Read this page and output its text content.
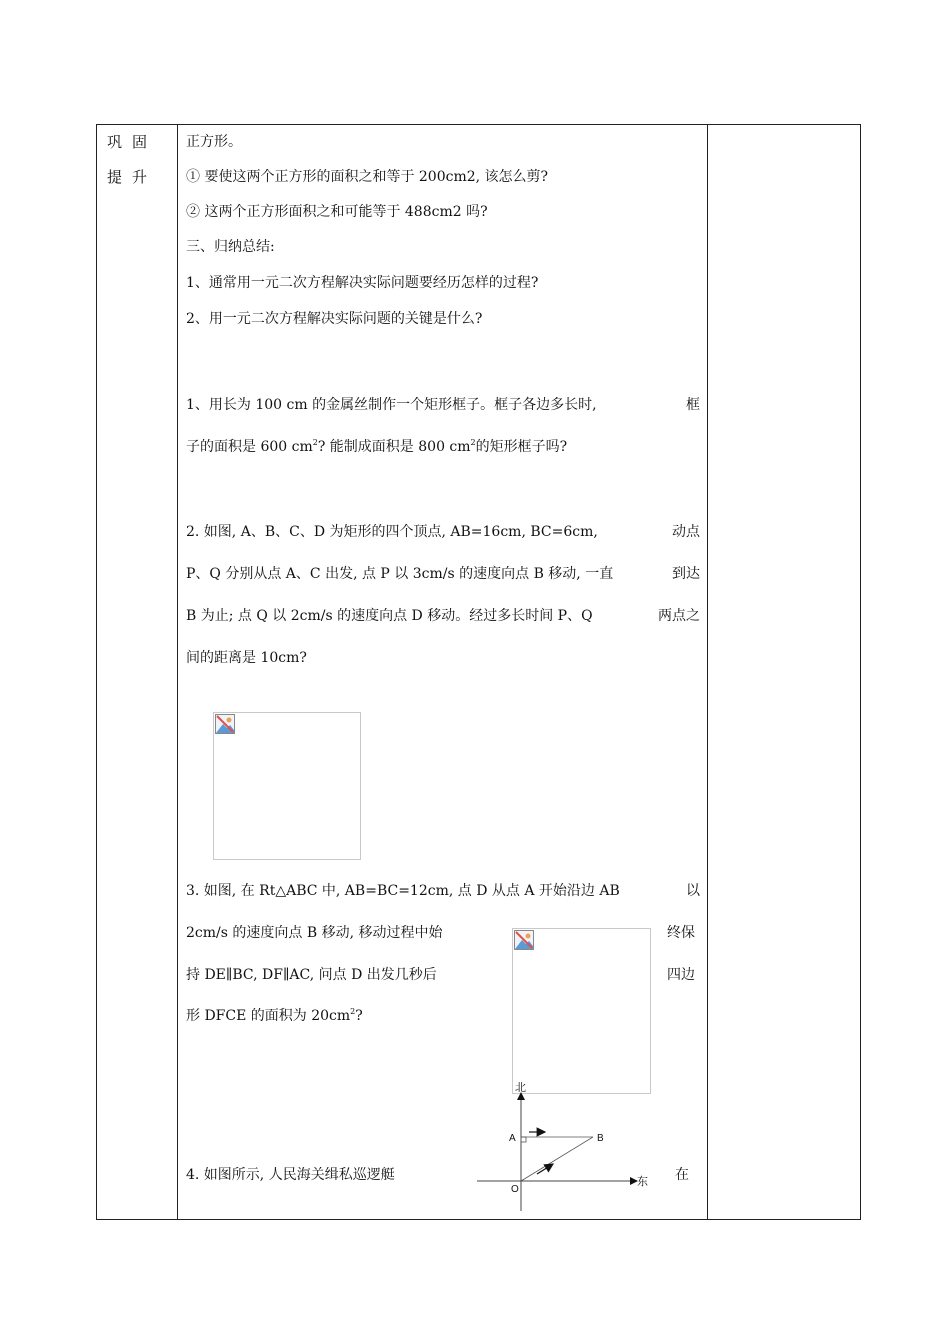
巩固
提升
正方形。
① 要使这两个正方形的面积之和等于 200cm2, 该怎么剪?
② 这两个正方形面积之和可能等于 488cm2 吗?
三、归纳总结:
1、通常用一元二次方程解决实际问题要经历怎样的过程?
2、用一元二次方程解决实际问题的关键是什么?
1、用长为 100 cm 的金属丝制作一个矩形框子。框子各边多长时,	框
子的面积是 600 $cm^2$? 能制成面积是 800 $cm^2$的矩形框子吗?
2. 如图, A、B、C、D 为矩形的四个顶点, AB=16cm, BC=6cm,	动点
P、Q 分别从点 A、C 出发, 点 P 以 3cm/s 的速度向点 B 移动, 一直	到达
B 为止; 点 Q 以 2cm/s 的速度向点 D 移动。经过多长时间 P、Q	两点之
间的距离是 10cm?
3. 如图, 在 Rt△ABC 中, AB=BC=12cm, 点 D 从点 A 开始沿边 AB	以
2cm/s 的速度向点 B 移动, 移动过程中始	终保
持 DE∥BC, DF∥AC, 问点 D 出发几秒后	四边
形 DFCE 的面积为 $20cm^2$?
4. 如图所示, 人民海关缉私巡逻艇	在
北
东
A	B
O
